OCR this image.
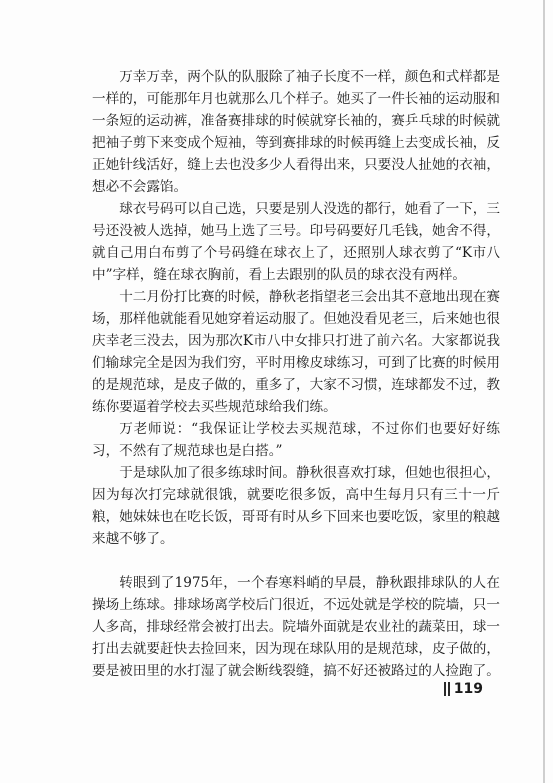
万幸万幸，两个队的队服除了袖子长度不一样，颜色和式样都是一样的，可能那年月也就那么几个样子。她买了一件长袖的运动服和一条短的运动裤，准备赛排球的时候就穿长袖的，赛乒乓球的时候就把袖子剪下来变成个短袖，等到赛排球的时候再缝上去变成长袖，反正她针线活好，缝上去也没多少人看得出来，只要没人扯她的衣袖，想必不会露馅。

球衣号码可以自己选，只要是别人没选的都行，她看了一下，三号还没被人选掉，她马上选了三号。印号码要好几毛钱，她舍不得，就自己用白布剪了个号码缝在球衣上了，还照别人球衣剪了“K市八中”字样，缝在球衣胸前，看上去跟别的队员的球衣没有两样。

十二月份打比赛的时候，静秋老指望老三会出其不意地出现在赛场，那样他就能看见她穿着运动服了。但她没看见老三，后来她也很庆幸老三没去，因为那次K市八中女排只打进了前六名。大家都说我们输球完全是因为我们穷，平时用橡皮球练习，可到了比赛的时候用的是规范球，是皮子做的，重多了，大家不习惯，连球都发不过，教练你要逼着学校去买些规范球给我们练。

万老师说：“我保证让学校去买规范球，不过你们也要好好练习，不然有了规范球也是白搭。”

于是球队加了很多练球时间。静秋很喜欢打球，但她也很担心，因为每次打完球就很饿，就要吃很多饭，高中生每月只有三十一斤粮，她妹妹也在吃长饭，哥哥有时从乡下回来也要吃饭，家里的粮越来越不够了。

转眼到了1975年，一个春寒料峭的早晨，静秋跟排球队的人在操场上练球。排球场离学校后门很近，不远处就是学校的院墙，只一人多高，排球经常会被打出去。院墙外面就是农业社的蔬菜田，球一打出去就要赶快去捡回来，因为现在球队用的是规范球，皮子做的，要是被田里的水打湿了就会断线裂缝，搞不好还被路过的人捡跑了。

119
